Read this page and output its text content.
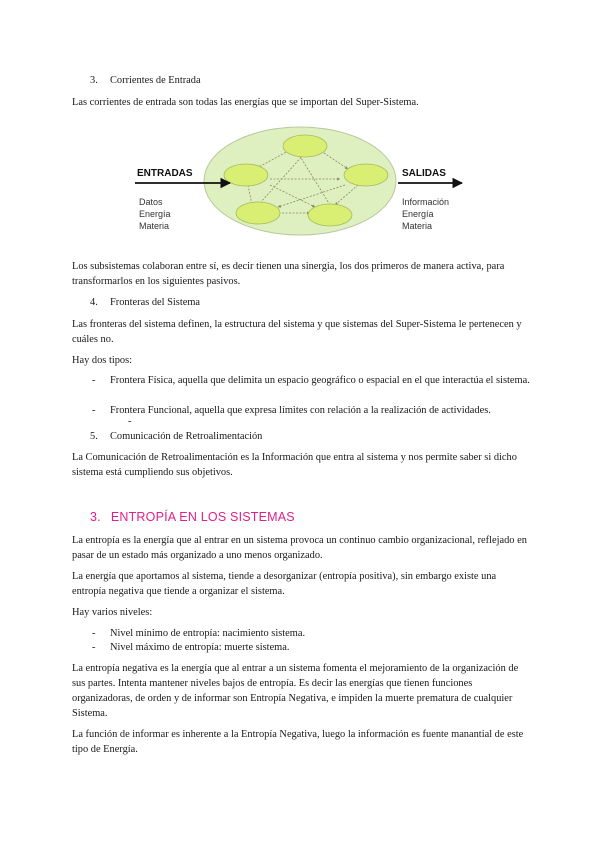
3. Corrientes de Entrada

Las corrientes de entrada son todas las energías que se importan del Super-Sistema.

ENTRADAS
Datos
Energía
Materia
SALIDAS
Información
Energía
Materia

Los subsistemas colaboran entre sí, es decir tienen una sinergia, los dos primeros de manera activa, para transformarlos en los siguientes pasivos.

4. Fronteras del Sistema

Las fronteras del sistema definen, la estructura del sistema y que sistemas del Super-Sistema le pertenecen y cuáles no.

Hay dos tipos:

- Frontera Física, aquella que delimita un espacio geográfico o espacial en el que interactúa el sistema.
- Frontera Funcional, aquella que expresa límites con relación a la realización de actividades.
-
5. Comunicación de Retroalimentación

La Comunicación de Retroalimentación es la Información que entra al sistema y nos permite saber si dicho sistema está cumpliendo sus objetivos.

3. ENTROPÍA EN LOS SISTEMAS

La entropía es la energía que al entrar en un sistema provoca un continuo cambio organizacional, reflejado en pasar de un estado más organizado a uno menos organizado.

La energía que aportamos al sistema, tiende a desorganizar (entropía positiva), sin embargo existe una entropía negativa que tiende a organizar el sistema.

Hay varios niveles:

- Nivel mínimo de entropía: nacimiento sistema.
- Nivel máximo de entropía: muerte sistema.

La entropía negativa es la energía que al entrar a un sistema fomenta el mejoramiento de la organización de sus partes. Intenta mantener niveles bajos de entropía. Es decir las energías que tienen funciones organizadoras, de orden y de informar son Entropía Negativa, e impiden la muerte prematura de cualquier Sistema.

La función de informar es inherente a la Entropía Negativa, luego la información es fuente manantial de este tipo de Energía.
